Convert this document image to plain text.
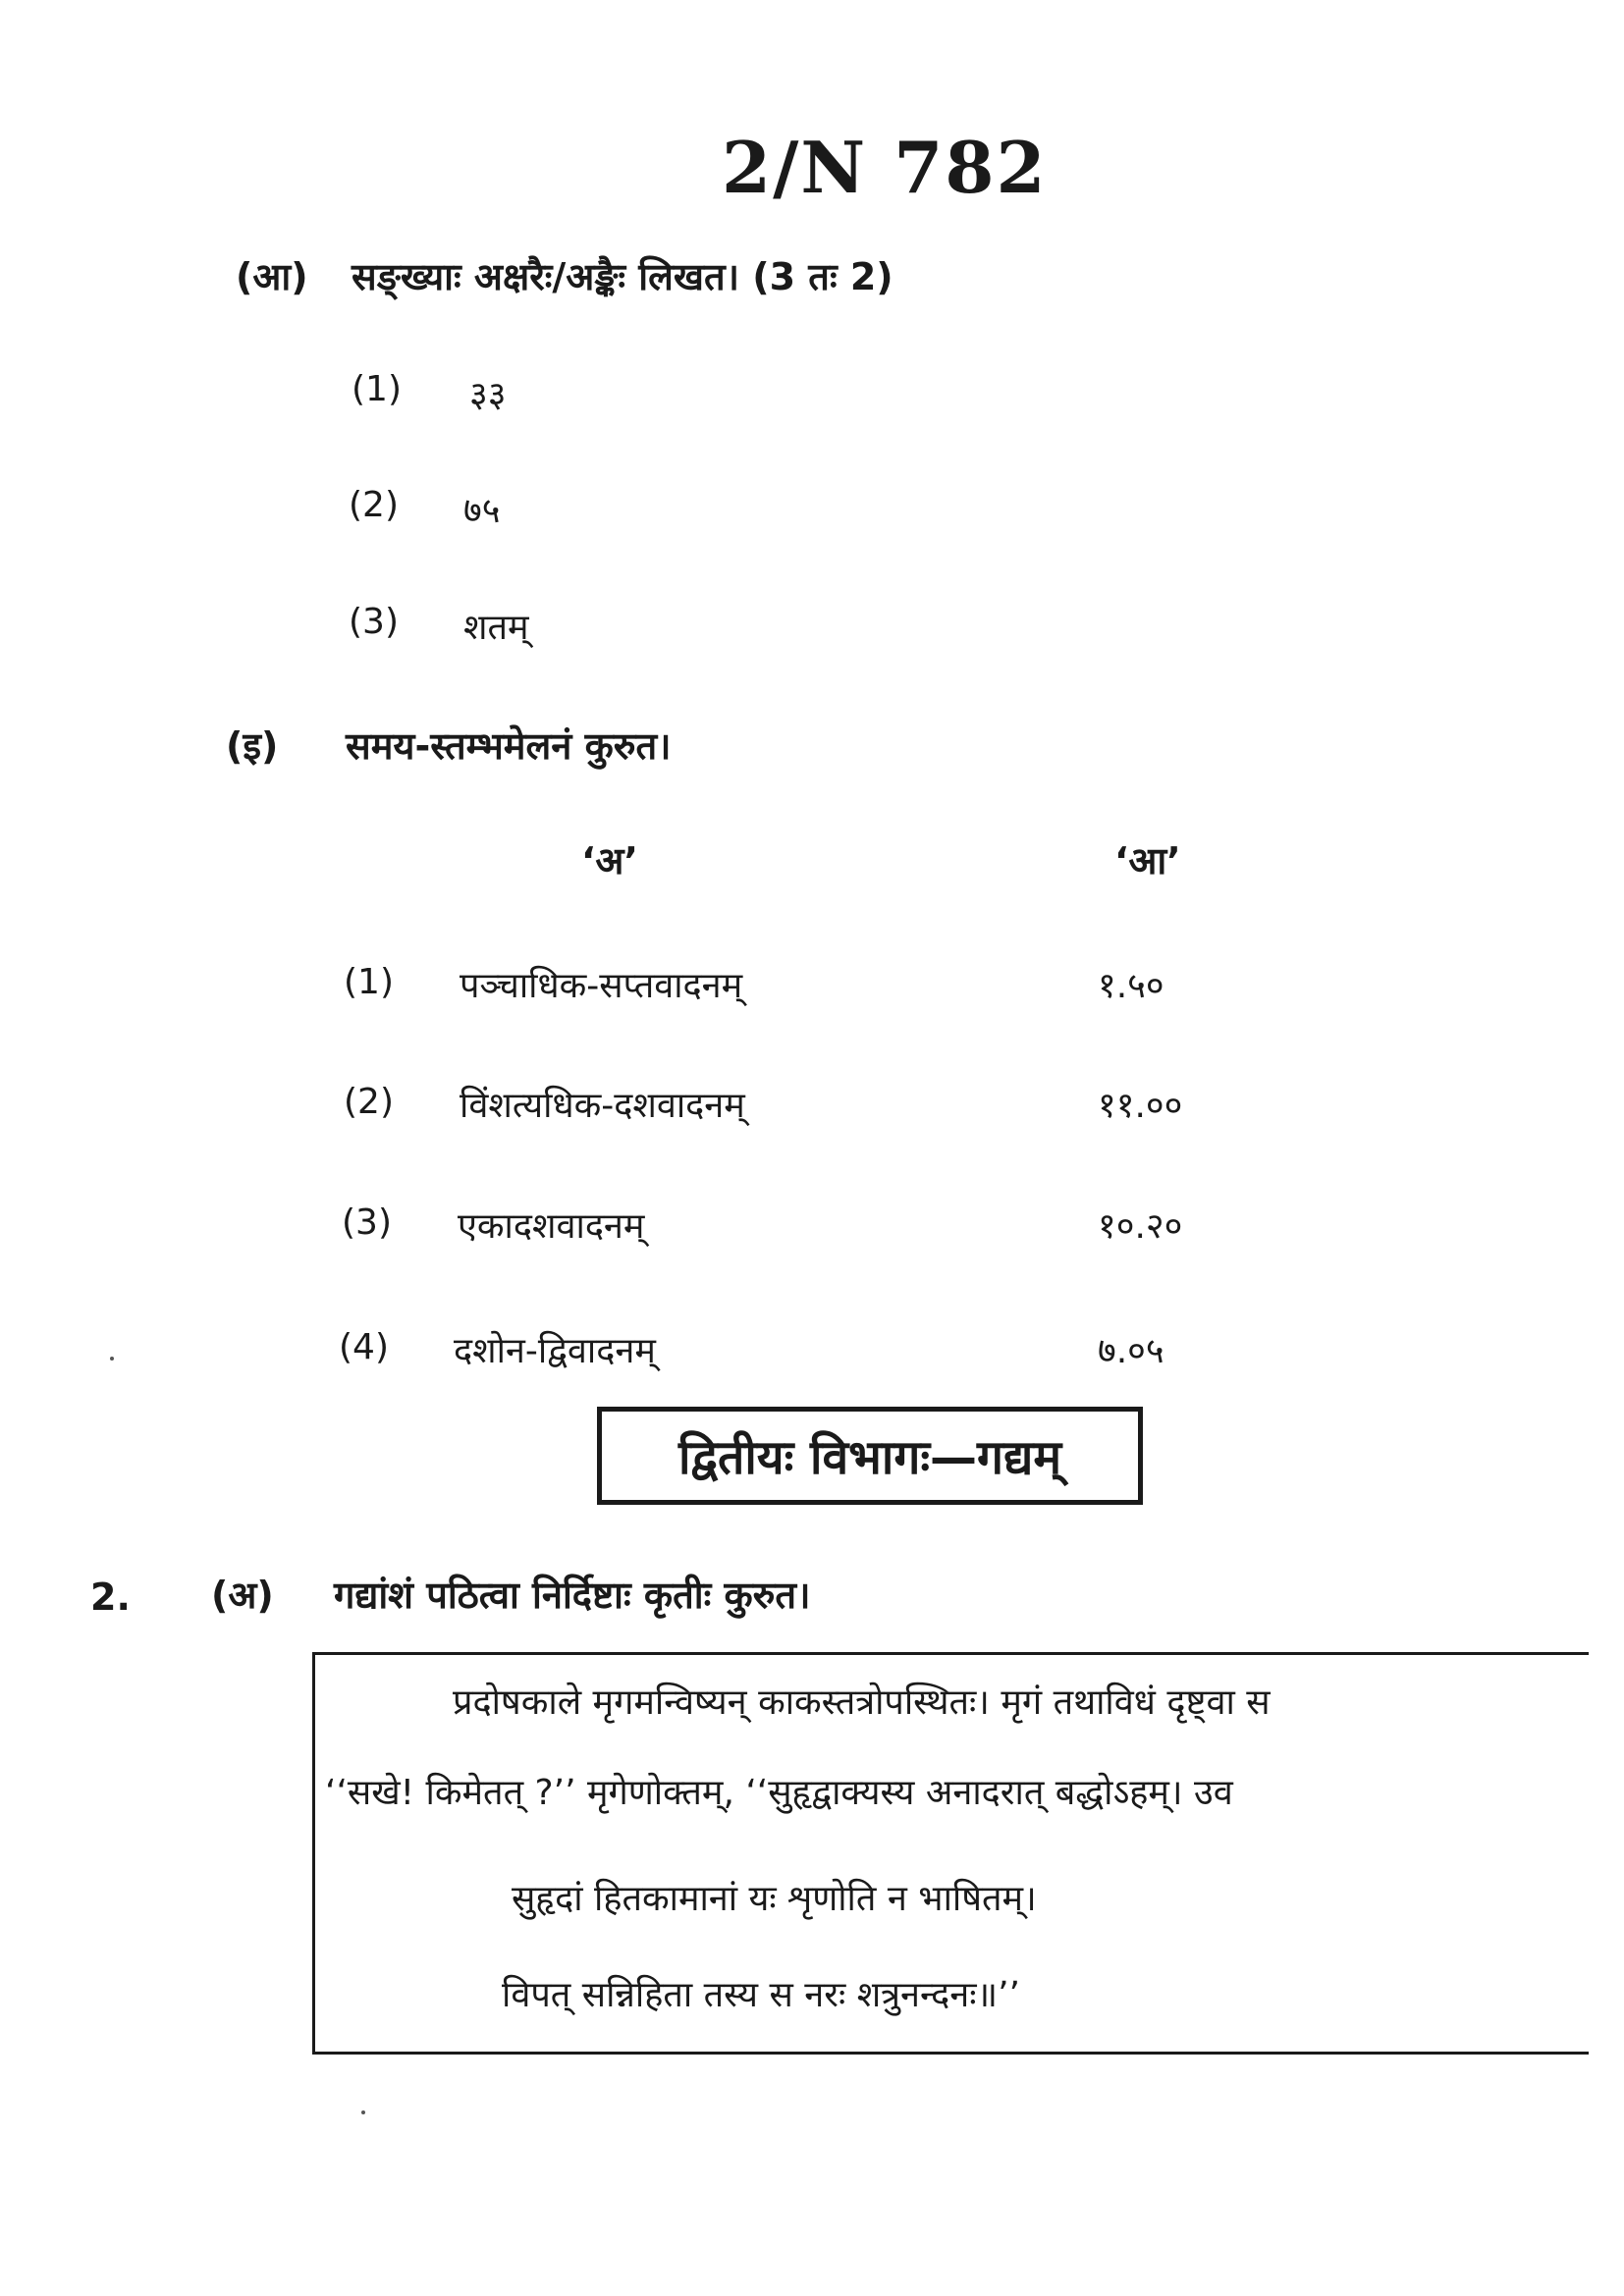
2/N 782
(आ) सङ्ख्याः अक्षरैः/अङ्कैः लिखत। (3 तः 2)
(1) ३३
(2) ७५
(3) शतम्
(इ) समय-स्तम्भमेलनं कुरुत।
‘अ’	‘आ’
(1) पञ्चाधिक-सप्तवादनम्	१.५०
(2) विंशत्यधिक-दशवादनम्	११.००
(3) एकादशवादनम्	१०.२०
(4) दशोन-द्विवादनम्	७.०५
द्वितीयः विभागः—गद्यम्
2. (अ) गद्यांशं पठित्वा निर्दिष्टाः कृतीः कुरुत।
प्रदोषकाले मृगमन्विष्यन् काकस्तत्रोपस्थितः। मृगं तथाविधं दृष्ट्वा स
‘‘सखे! किमेतत् ?’’ मृगेणोक्तम्, ‘‘सुहृद्वाक्यस्य अनादरात् बद्धोऽहम्। उव
सुहृदां हितकामानां यः शृणोति न भाषितम्।
विपत् सन्निहिता तस्य स नरः शत्रुनन्दनः॥’’
